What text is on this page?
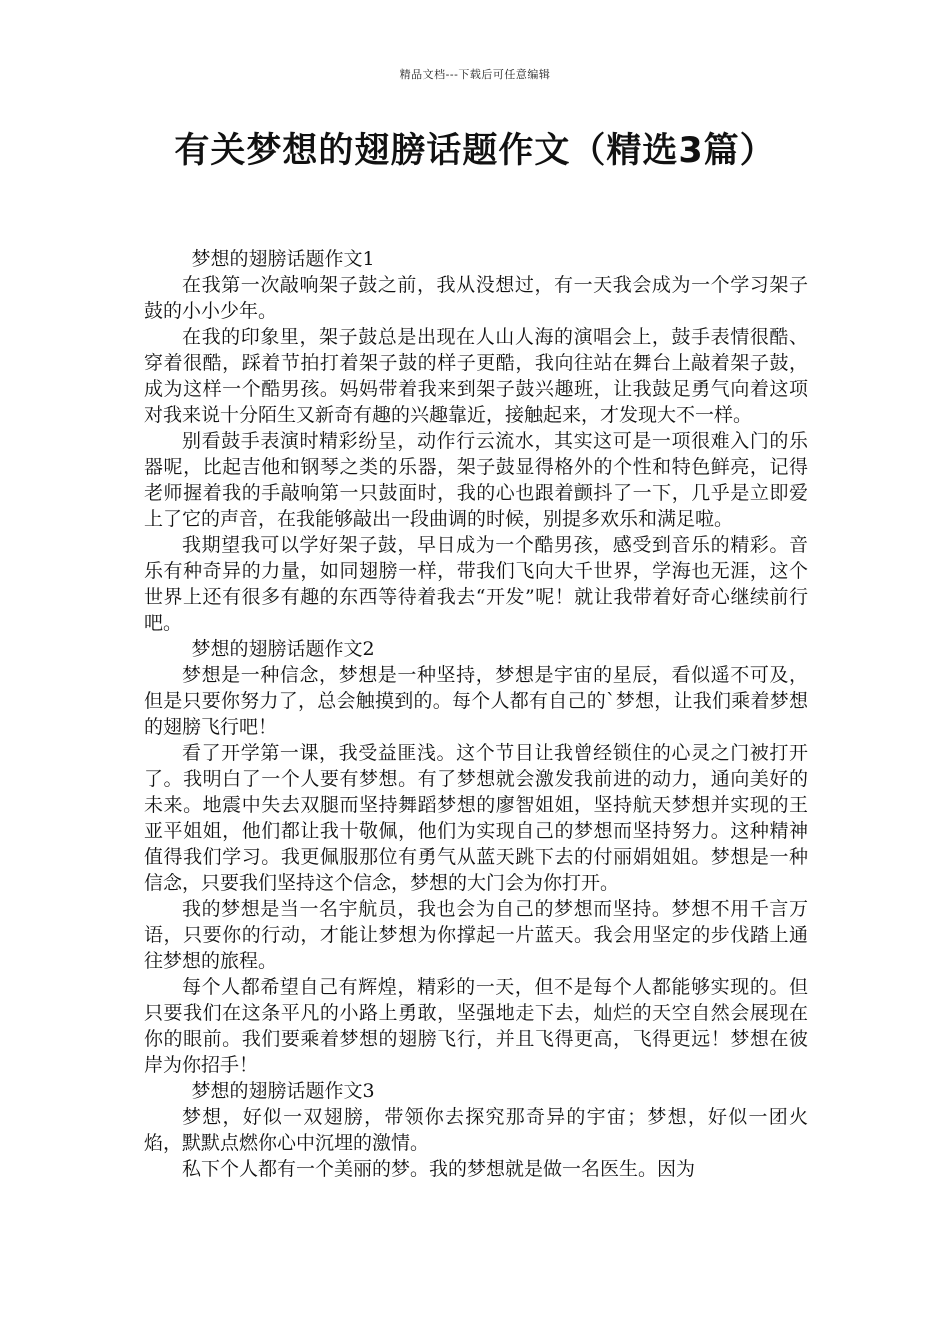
精品文档---下载后可任意编辑
有关梦想的翅膀话题作文（精选3篇）

梦想的翅膀话题作文1

在我第一次敲响架子鼓之前，我从没想过，有一天我会成为一个学习架子鼓的小小少年。

在我的印象里，架子鼓总是出现在人山人海的演唱会上，鼓手表情很酷、穿着很酷，踩着节拍打着架子鼓的样子更酷，我向往站在舞台上敲着架子鼓，成为这样一个酷男孩。妈妈带着我来到架子鼓兴趣班，让我鼓足勇气向着这项对我来说十分陌生又新奇有趣的兴趣靠近，接触起来，才发现大不一样。

别看鼓手表演时精彩纷呈，动作行云流水，其实这可是一项很难入门的乐器呢，比起吉他和钢琴之类的乐器，架子鼓显得格外的个性和特色鲜亮，记得老师握着我的手敲响第一只鼓面时，我的心也跟着颤抖了一下，几乎是立即爱上了它的声音，在我能够敲出一段曲调的时候，别提多欢乐和满足啦。

我期望我可以学好架子鼓，早日成为一个酷男孩，感受到音乐的精彩。音乐有种奇异的力量，如同翅膀一样，带我们飞向大千世界，学海也无涯，这个世界上还有很多有趣的东西等待着我去“开发”呢！就让我带着好奇心继续前行吧。

梦想的翅膀话题作文2

梦想是一种信念，梦想是一种坚持，梦想是宇宙的星辰，看似遥不可及，但是只要你努力了，总会触摸到的。每个人都有自己的`梦想，让我们乘着梦想的翅膀飞行吧！

看了开学第一课，我受益匪浅。这个节目让我曾经锁住的心灵之门被打开了。我明白了一个人要有梦想。有了梦想就会激发我前进的动力，通向美好的未来。地震中失去双腿而坚持舞蹈梦想的廖智姐姐，坚持航天梦想并实现的王亚平姐姐，他们都让我十敬佩，他们为实现自己的梦想而坚持努力。这种精神值得我们学习。我更佩服那位有勇气从蓝天跳下去的付丽娟姐姐。梦想是一种信念，只要我们坚持这个信念，梦想的大门会为你打开。

我的梦想是当一名宇航员，我也会为自己的梦想而坚持。梦想不用千言万语，只要你的行动，才能让梦想为你撑起一片蓝天。我会用坚定的步伐踏上通往梦想的旅程。

每个人都希望自己有辉煌，精彩的一天，但不是每个人都能够实现的。但只要我们在这条平凡的小路上勇敢，坚强地走下去，灿烂的天空自然会展现在你的眼前。我们要乘着梦想的翅膀飞行，并且飞得更高，飞得更远！梦想在彼岸为你招手！

梦想的翅膀话题作文3

梦想，好似一双翅膀，带领你去探究那奇异的宇宙；梦想，好似一团火焰，默默点燃你心中沉埋的激情。

私下个人都有一个美丽的梦。我的梦想就是做一名医生。因为
